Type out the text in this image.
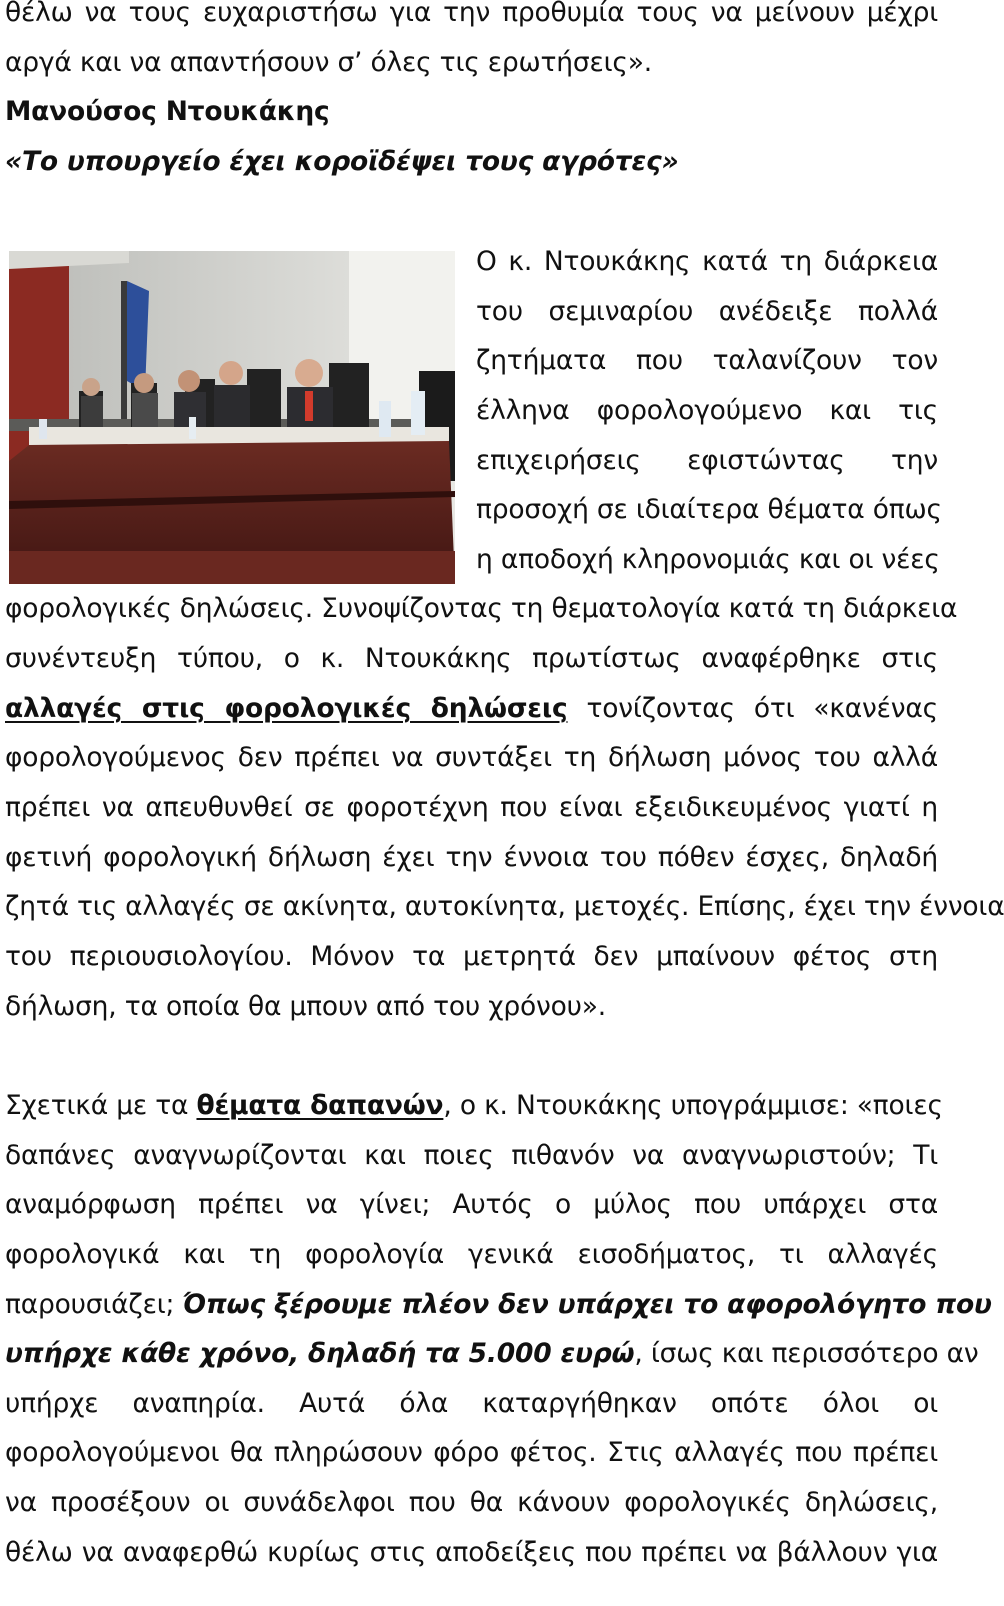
θέλω να τους ευχαριστήσω για την προθυμία τους να μείνουν μέχρι
αργά και να απαντήσουν σ’ όλες τις ερωτήσεις».
Μανούσος Ντουκάκης
«Το υπουργείο έχει κοροϊδέψει τους αγρότες»
Ο κ. Ντουκάκης κατά τη διάρκεια
του σεμιναρίου ανέδειξε πολλά
ζητήματα που ταλανίζουν τον
έλληνα φορολογούμενο και τις
επιχειρήσεις εφιστώντας την
προσοχή σε ιδιαίτερα θέματα όπως
η αποδοχή κληρονομιάς και οι νέες
φορολογικές δηλώσεις. Συνοψίζοντας τη θεματολογία κατά τη διάρκεια
συνέντευξη τύπου, ο κ. Ντουκάκης πρωτίστως αναφέρθηκε στις
αλλαγές στις φορολογικές δηλώσεις τονίζοντας ότι «κανένας
φορολογούμενος δεν πρέπει να συντάξει τη δήλωση μόνος του αλλά
πρέπει να απευθυνθεί σε φοροτέχνη που είναι εξειδικευμένος γιατί η
φετινή φορολογική δήλωση έχει την έννοια του πόθεν έσχες, δηλαδή
ζητά τις αλλαγές σε ακίνητα, αυτοκίνητα, μετοχές. Επίσης, έχει την έννοια
του περιουσιολογίου. Μόνον τα μετρητά δεν μπαίνουν φέτος στη
δήλωση, τα οποία θα μπουν από του χρόνου».
Σχετικά με τα θέματα δαπανών, ο κ. Ντουκάκης υπογράμμισε: «ποιες
δαπάνες αναγνωρίζονται και ποιες πιθανόν να αναγνωριστούν; Τι
αναμόρφωση πρέπει να γίνει; Αυτός ο μύλος που υπάρχει στα
φορολογικά και τη φορολογία γενικά εισοδήματος, τι αλλαγές
παρουσιάζει; Όπως ξέρουμε πλέον δεν υπάρχει το αφορολόγητο που
υπήρχε κάθε χρόνο, δηλαδή τα 5.000 ευρώ, ίσως και περισσότερο αν
υπήρχε αναπηρία. Αυτά όλα καταργήθηκαν οπότε όλοι οι
φορολογούμενοι θα πληρώσουν φόρο φέτος. Στις αλλαγές που πρέπει
να προσέξουν οι συνάδελφοι που θα κάνουν φορολογικές δηλώσεις,
θέλω να αναφερθώ κυρίως στις αποδείξεις που πρέπει να βάλλουν για
